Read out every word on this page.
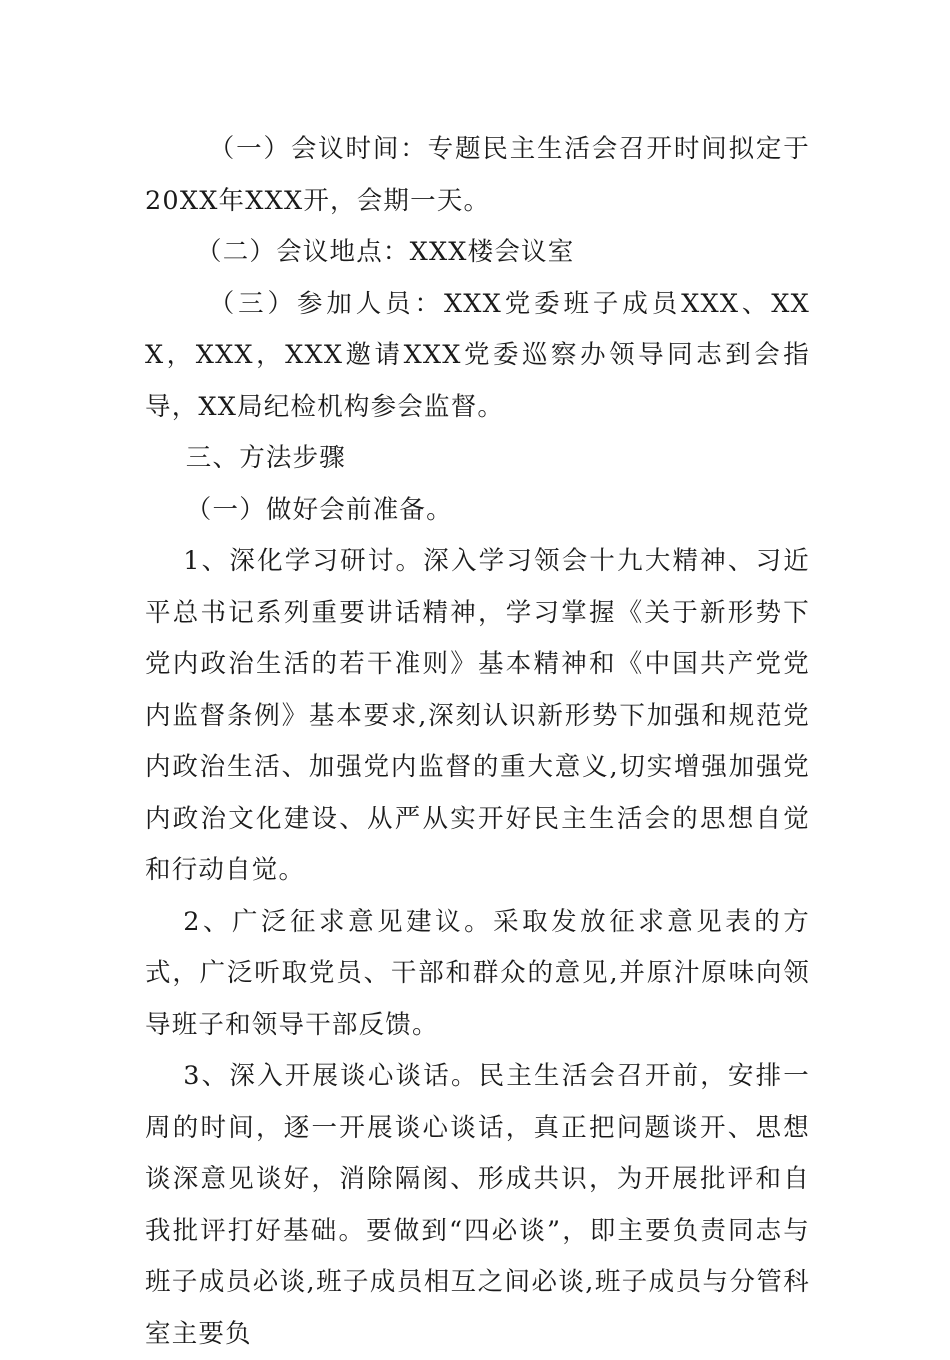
（一）会议时间：专题民主生活会召开时间拟定于20XX年XXX开，会期一天。

（二）会议地点：XXX楼会议室

（三）参加人员：XXX党委班子成员XXX、XXX，XXX，XXX邀请XXX党委巡察办领导同志到会指导，XX局纪检机构参会监督。

三、方法步骤

（一）做好会前准备。

1、深化学习研讨。深入学习领会十九大精神、习近平总书记系列重要讲话精神，学习掌握《关于新形势下党内政治生活的若干准则》基本精神和《中国共产党党内监督条例》基本要求,深刻认识新形势下加强和规范党内政治生活、加强党内监督的重大意义,切实增强加强党内政治文化建设、从严从实开好民主生活会的思想自觉和行动自觉。

2、广泛征求意见建议。采取发放征求意见表的方式，广泛听取党员、干部和群众的意见,并原汁原味向领导班子和领导干部反馈。

3、深入开展谈心谈话。民主生活会召开前，安排一周的时间，逐一开展谈心谈话，真正把问题谈开、思想谈深意见谈好，消除隔阂、形成共识，为开展批评和自我批评打好基础。要做到“四必谈”，即主要负责同志与班子成员必谈,班子成员相互之间必谈,班子成员与分管科室主要负
